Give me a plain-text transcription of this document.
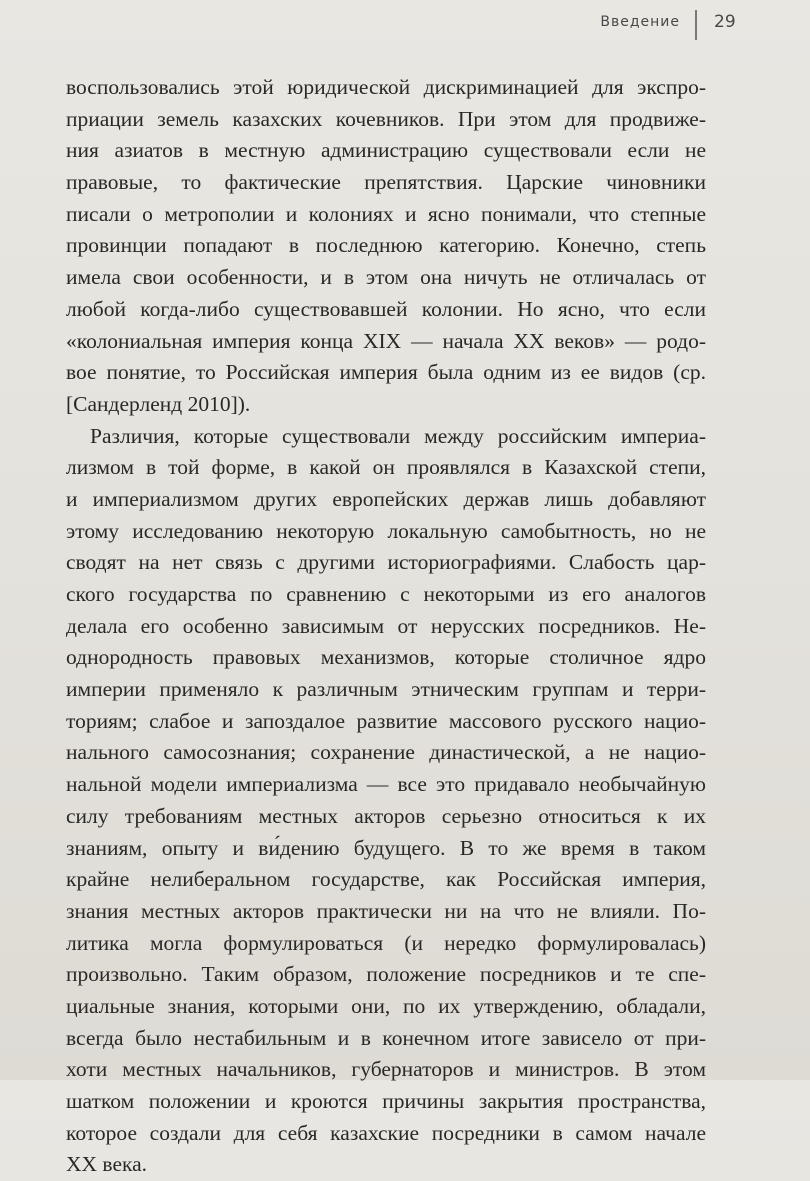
Введение 29
воспользовались этой юридической дискриминацией для экспро-
приации земель казахских кочевников. При этом для продвиже-
ния азиатов в местную администрацию существовали если не
правовые, то фактические препятствия. Царские чиновники
писали о метрополии и колониях и ясно понимали, что степные
провинции попадают в последнюю категорию. Конечно, степь
имела свои особенности, и в этом она ничуть не отличалась от
любой когда-либо существовавшей колонии. Но ясно, что если
«колониальная империя конца XIX — начала XX веков» — родо-
вое понятие, то Российская империя была одним из ее видов (ср.
[Сандерленд 2010]).
Различия, которые существовали между российским империа-
лизмом в той форме, в какой он проявлялся в Казахской степи,
и империализмом других европейских держав лишь добавляют
этому исследованию некоторую локальную самобытность, но не
сводят на нет связь с другими историографиями. Слабость цар-
ского государства по сравнению с некоторыми из его аналогов
делала его особенно зависимым от нерусских посредников. Не-
однородность правовых механизмов, которые столичное ядро
империи применяло к различным этническим группам и терри-
ториям; слабое и запоздалое развитие массового русского нацио-
нального самосознания; сохранение династической, а не нацио-
нальной модели империализма — все это придавало необычайную
силу требованиям местных акторов серьезно относиться к их
знаниям, опыту и ви́дению будущего. В то же время в таком
крайне нелиберальном государстве, как Российская империя,
знания местных акторов практически ни на что не влияли. По-
литика могла формулироваться (и нередко формулировалась)
произвольно. Таким образом, положение посредников и те спе-
циальные знания, которыми они, по их утверждению, обладали,
всегда было нестабильным и в конечном итоге зависело от при-
хоти местных начальников, губернаторов и министров. В этом
шатком положении и кроются причины закрытия пространства,
которое создали для себя казахские посредники в самом начале
XX века.
